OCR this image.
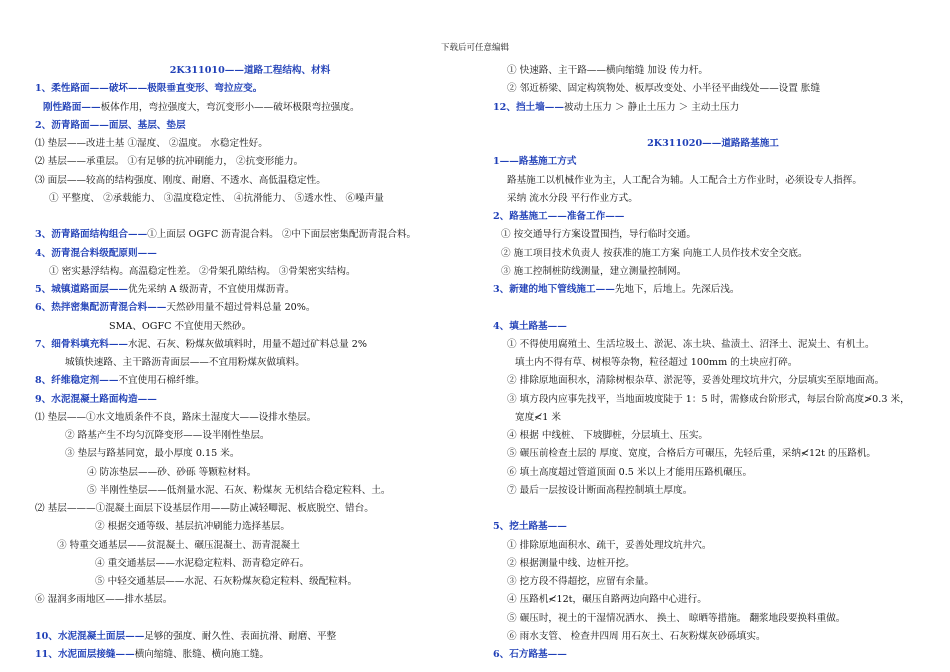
下载后可任意编辑
2K311010——道路工程结构、材料
1、柔性路面——破坏——极限垂直变形、弯拉应变。
刚性路面——板体作用，弯拉强度大，弯沉变形小——破坏极限弯拉强度。
2、沥青路面——面层、基层、垫层
⑴ 垫层——改进土基 ①湿度、 ②温度。 水稳定性好。
⑵ 基层——承重层。 ①有足够的抗冲刷能力， ②抗变形能力。
⑶ 面层——较高的结构强度、刚度、耐磨、不透水、高低温稳定性。
① 平整度、 ②承载能力、 ③温度稳定性、 ④抗滑能力、 ⑤透水性、 ⑥噪声量
3、沥青路面结构组合——①上面层 OGFC 沥青混合料。 ②中下面层密集配沥青混合料。
4、沥青混合料级配原则——
① 密实悬浮结构。高温稳定性差。 ②骨架孔隙结构。 ③骨架密实结构。
5、城镇道路面层——优先采纳 A 级沥青，不宜使用煤沥青。
6、热拌密集配沥青混合料——天然砂用量不超过骨料总量 20%。
SMA、OGFC 不宜使用天然砂。
7、细骨料填充料——水泥、石灰、粉煤灰做填料时，用量不超过矿料总量 2%
城镇快速路、主干路沥青面层——不宜用粉煤灰做填料。
8、纤维稳定剂——不宜使用石棉纤维。
9、水泥混凝土路面构造——
⑴ 垫层——①水文地质条件不良，路床土湿度大——设排水垫层。
② 路基产生不均匀沉降变形——设半刚性垫层。
③ 垫层与路基同宽，最小厚度 0.15 米。
④ 防冻垫层——砂、砂砾 等颗粒材料。
⑤ 半刚性垫层——低剂量水泥、石灰、粉煤灰 无机结合稳定粒料、土。
⑵ 基层———①混凝土面层下设基层作用——防止减轻唧泥、板底脱空、错台。
② 根据交通等级、基层抗冲刷能力选择基层。
③ 特重交通基层——贫混凝土、碾压混凝土、沥青混凝土
④ 重交通基层——水泥稳定粒料、沥青稳定碎石。
⑤ 中轻交通基层——水泥、石灰粉煤灰稳定粒料、级配粒料。
⑥ 湿润多雨地区——排水基层。
10、水泥混凝土面层——足够的强度、耐久性、表面抗滑、耐磨、平整
11、水泥面层接缝——横向缩缝、胀缝、横向施工缝。
① 快速路、主干路——横向缩缝 加设 传力杆。
② 邻近桥梁、固定构筑物处、板厚改变处、小半径平曲线处——设置 胀缝
12、挡土墙——被动土压力 ＞ 静止土压力 ＞ 主动土压力
2K311020——道路路基施工
1——路基施工方式
路基施工以机械作业为主，人工配合为辅。人工配合土方作业时，必须设专人指挥。
采纳 流水分段 平行作业方式。
2、路基施工——准备工作——
① 按交通导行方案设置围挡，导行临时交通。
② 施工项目技术负责人 按获准的施工方案 向施工人员作技术安全交底。
③ 施工控制桩防线测量，建立测量控制网。
3、新建的地下管线施工——先地下，后地上。先深后浅。
4、填土路基——
① 不得使用腐殖土、生活垃圾土、淤泥、冻土块、盐渍土、沼泽土、泥炭土、有机土。
填土内不得有草、树根等杂物，粒径超过 100mm 的土块应打碎。
② 排除原地面积水，清除树根杂草、淤泥等，妥善处理坟坑井穴，分层填实至原地面高。
③ 填方段内应事先找平，当地面坡度陡于 1：5 时，需修成台阶形式，每层台阶高度≯0.3 米，
宽度≮1 米
④ 根据 中线桩、 下坡脚桩，分层填土、压实。
⑤ 碾压前检查土层的 厚度、宽度，合格后方可碾压，先轻后重，采纳≮12t 的压路机。
⑥ 填土高度超过管道顶面 0.5 米以上才能用压路机碾压。
⑦ 最后一层按设计断面高程控制填土厚度。
5、挖土路基——
① 排除原地面积水、疏干，妥善处理坟坑井穴。
② 根据测量中线、边桩开挖。
③ 挖方段不得超挖，应留有余量。
④ 压路机≮12t，碾压自路两边向路中心进行。
⑤ 碾压时，视土的干湿情况洒水、 换土、 晾晒等措施。 翻浆地段要换料重做。
⑥ 雨水支管、 检查井四周 用石灰土、石灰粉煤灰砂砾填实。
6、石方路基——
